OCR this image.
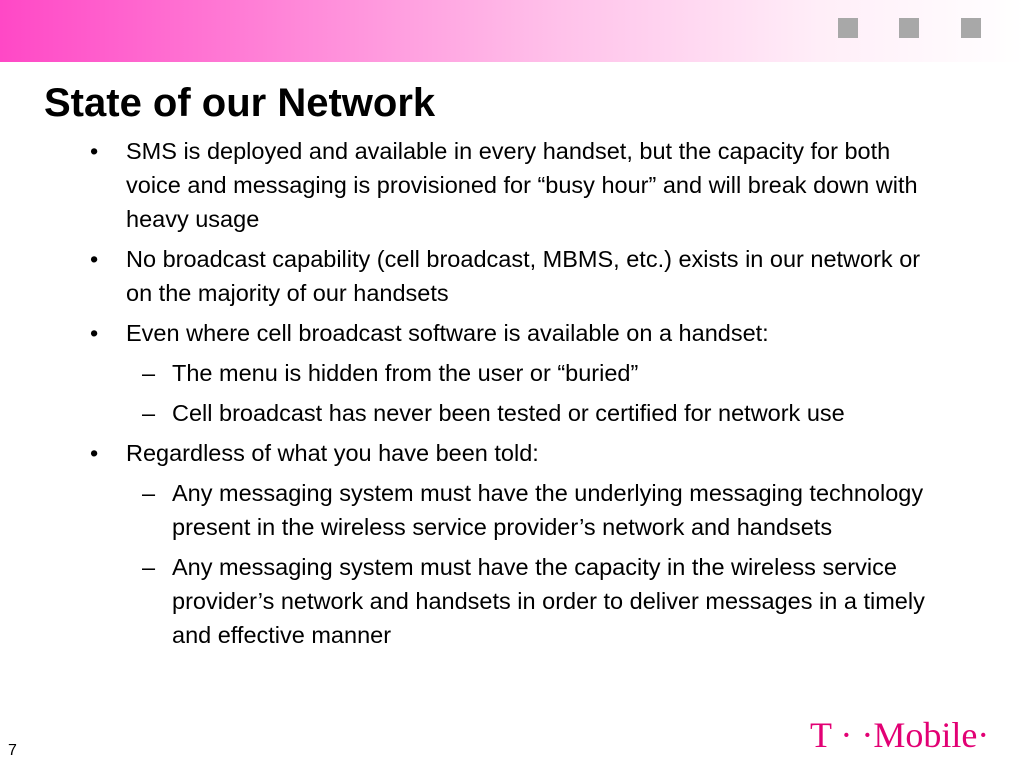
State of our Network
• SMS is deployed and available in every handset, but the capacity for both voice and messaging is provisioned for “busy hour” and will break down with heavy usage
• No broadcast capability (cell broadcast, MBMS, etc.) exists in our network or on the majority of our handsets
• Even where cell broadcast software is available on a handset:
– The menu is hidden from the user or “buried”
– Cell broadcast has never been tested or certified for network use
• Regardless of what you have been told:
– Any messaging system must have the underlying messaging technology present in the wireless service provider’s network and handsets
– Any messaging system must have the capacity in the wireless service provider’s network and handsets in order to deliver messages in a timely and effective manner
T · ·Mobile·
7
